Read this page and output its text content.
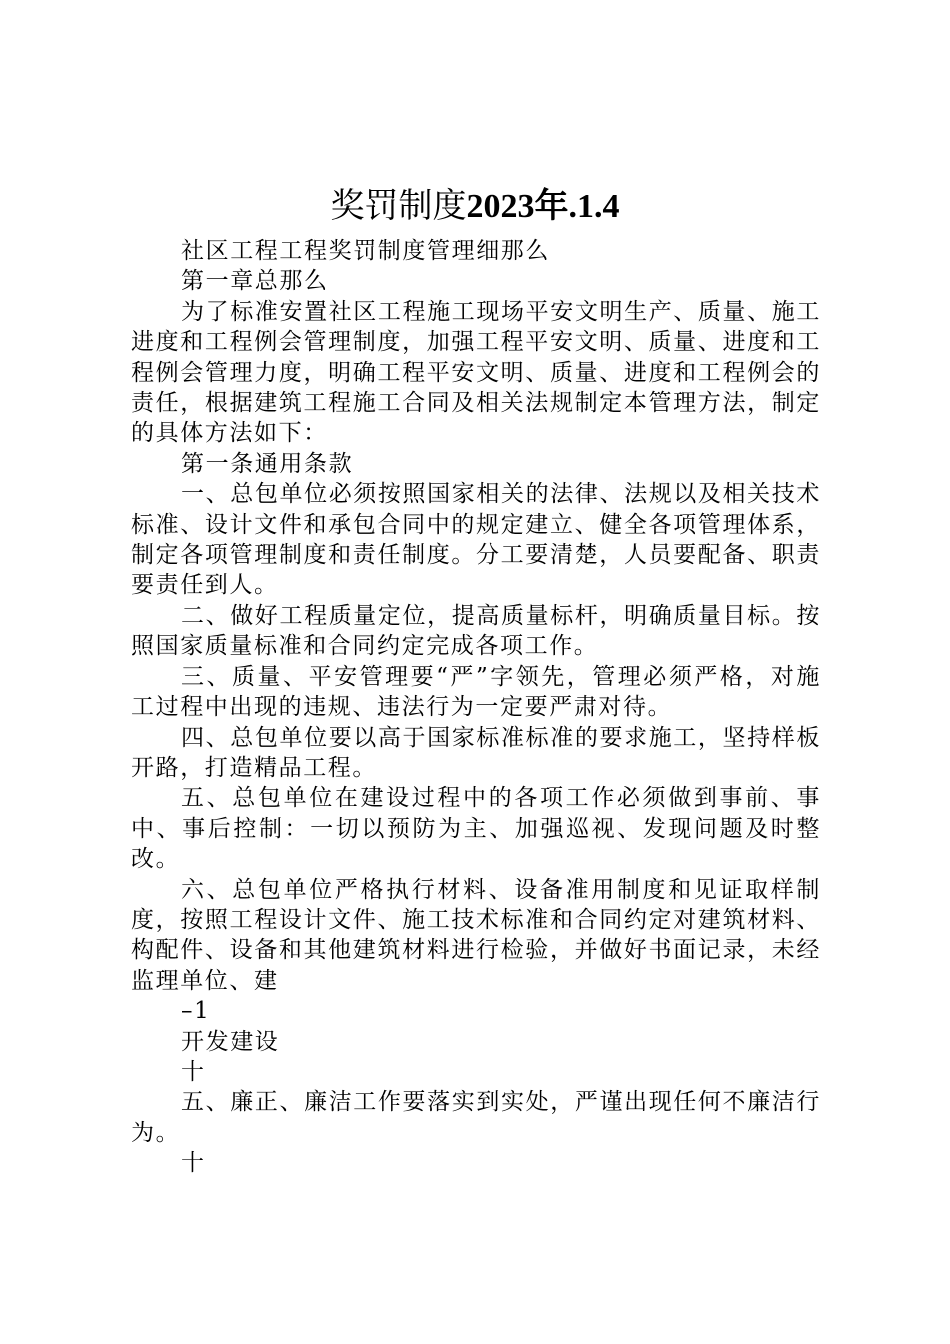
奖罚制度2023年.1.4

社区工程工程奖罚制度管理细那么

第一章总那么

为了标准安置社区工程施工现场平安文明生产、质量、施工进度和工程例会管理制度，加强工程平安文明、质量、进度和工程例会管理力度，明确工程平安文明、质量、进度和工程例会的责任，根据建筑工程施工合同及相关法规制定本管理方法，制定的具体方法如下：

第一条通用条款

一、总包单位必须按照国家相关的法律、法规以及相关技术标准、设计文件和承包合同中的规定建立、健全各项管理体系，制定各项管理制度和责任制度。分工要清楚，人员要配备、职责要责任到人。

二、做好工程质量定位，提高质量标杆，明确质量目标。按照国家质量标准和合同约定完成各项工作。

三、质量、平安管理要“严”字领先，管理必须严格，对施工过程中出现的违规、违法行为一定要严肃对待。

四、总包单位要以高于国家标准标准的要求施工，坚持样板开路，打造精品工程。

五、总包单位在建设过程中的各项工作必须做到事前、事中、事后控制：一切以预防为主、加强巡视、发现问题及时整改。

六、总包单位严格执行材料、设备准用制度和见证取样制度，按照工程设计文件、施工技术标准和合同约定对建筑材料、构配件、设备和其他建筑材料进行检验，并做好书面记录，未经监理单位、建

–1

开发建设

十

五、廉正、廉洁工作要落实到实处，严谨出现任何不廉洁行为。

十
